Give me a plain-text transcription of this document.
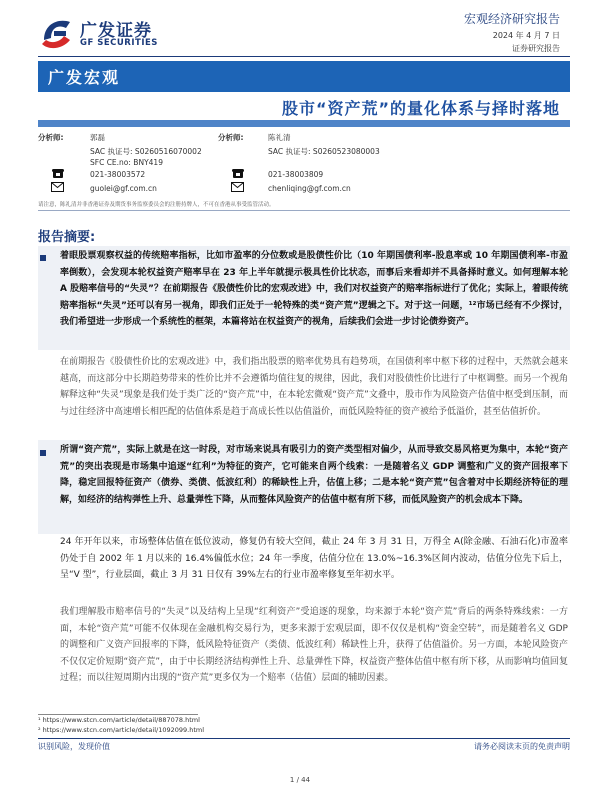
广发证券
GF SECURITIES
宏观经济研究报告
2024 年 4 月 7 日
证券研究报告
广发宏观
股市“资产荒”的量化体系与择时落地
分析师:	郭磊
SAC 执证号: S0260516070002
SFC CE.no: BNY419
021-38003572
guolei@gf.com.cn
分析师:	陈礼清
SAC 执证号: S0260523080003
021-38003809
chenliqing@gf.com.cn
请注意，陈礼清并非香港证券及期货事务监察委员会的注册持牌人，不可在香港从事受监管活动。
报告摘要:
着眼股票观察权益的传统赔率指标，比如市盈率的分位数或是股债性价比（10 年期国债利率-股息率或 10 年期国债利率-市盈率倒数），会发现本轮权益资产赔率早在 23 年上半年就提示极具性价比状态，而事后来看却并不具备择时意义。如何理解本轮 A 股赔率信号的“失灵”？在前期报告《股债性价比的宏观改进》中，我们对权益资产的赔率指标进行了优化；实际上，着眼传统赔率指标“失灵”还可以有另一视角，即我们正处于一轮特殊的类“资产荒”逻辑之下。对于这一问题，¹²市场已经有不少探讨，我们希望进一步形成一个系统性的框架，本篇将站在权益资产的视角，后续我们会进一步讨论债券资产。
在前期报告《股债性价比的宏观改进》中，我们指出股票的赔率优势具有趋势项，在国债利率中枢下移的过程中，天然就会越来越高，而这部分中长期趋势带来的性价比并不会遵循均值往复的规律，因此，我们对股债性价比进行了中枢调整。而另一个视角解释这种“失灵”现象是我们处于类广泛的“资产荒”中，在本轮宏微观“资产荒”文叠中，股市作为风险资产估值中枢受到压制，而与过往经济中高速增长相匹配的估值体系是趋于高成长性以估值溢价，而低风险特征的资产被给予低溢价，甚至估值折价。
所谓“资产荒”，实际上就是在这一时段，对市场来说具有吸引力的资产类型相对偏少，从而导致交易风格更为集中，本轮“资产荒”的突出表现是市场集中追逐“红利”为特征的资产，它可能来自两个线索：一是随着名义 GDP 调整和广义的资产回报率下降，稳定回报特征资产（债券、类债、低波红利）的稀缺性上升，估值上移；二是本轮“资产荒”包含着对中长期经济特征的理解，如经济的结构弹性上升、总量弹性下降，从而整体风险资产的估值中枢有所下移，而低风险资产的机会成本下降。
24 年开年以来，市场整体估值在低位波动，修复仍有较大空间，截止 24 年 3 月 31 日，万得全 A(除金融、石油石化)市盈率仍处于自 2002 年 1 月以来的 16.4%偏低水位；24 年一季度，估值分位在 13.0%~16.3%区间内波动，估值分位先下后上，呈“V 型”，行业层面，截止 3 月 31 日仅有 39%左右的行业市盈率修复至年初水平。
我们理解股市赔率信号的“失灵”以及结构上呈现“红利资产”受追逐的现象，均来源于本轮“资产荒”背后的两条特殊线索：一方面，本轮“资产荒”可能不仅体现在金融机构交易行为，更多来源于宏观层面，即不仅仅是机构“资金空转”，而是随着名义 GDP 的调整和广义资产回报率的下降，低风险特征资产（类债、低波红利）稀缺性上升，获得了估值溢价。另一方面，本轮风险资产不仅仅定价短期“资产荒”，由于中长期经济结构弹性上升、总量弹性下降，权益资产整体估值中枢有所下移，从而影响均值回复过程；而以往短周期内出现的“资产荒”更多仅为一个赔率（估值）层面的辅助因素。
¹ https://www.stcn.com/article/detail/887078.html
² https://www.stcn.com/article/detail/1092099.html
识别风险，发现价值	请务必阅读末页的免责声明
1 / 44
